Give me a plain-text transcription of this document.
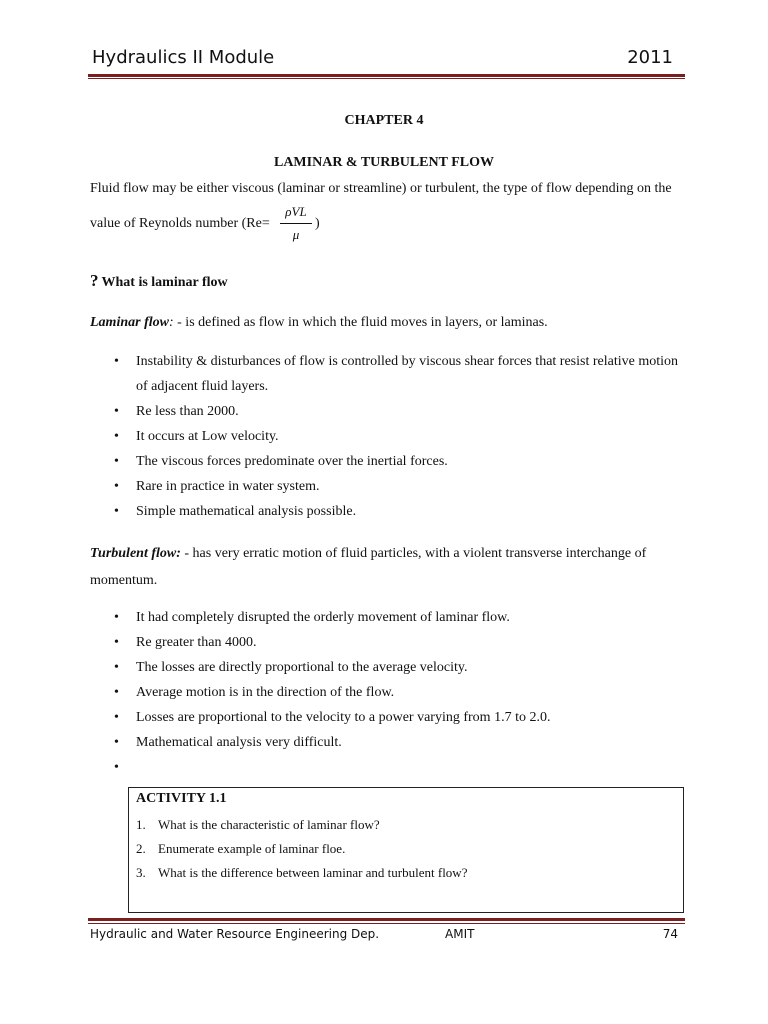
Hydraulics II Module	2011
CHAPTER 4
LAMINAR & TURBULENT FLOW
Fluid flow may be either viscous (laminar or streamline) or turbulent, the type of flow depending on the
value of Reynolds number (Re=
ρVL
μ
)
? What is laminar flow
Laminar flow: - is defined as flow in which the fluid moves in layers, or laminas.
• Instability & disturbances of flow is controlled by viscous shear forces that resist relative motion of adjacent fluid layers.
• Re less than 2000.
• It occurs at Low velocity.
• The viscous forces predominate over the inertial forces.
• Rare in practice in water system.
• Simple mathematical analysis possible.
Turbulent flow: - has very erratic motion of fluid particles, with a violent transverse interchange of
momentum.
• It had completely disrupted the orderly movement of laminar flow.
• Re greater than 4000.
• The losses are directly proportional to the average velocity.
• Average motion is in the direction of the flow.
• Losses are proportional to the velocity to a power varying from 1.7 to 2.0.
• Mathematical analysis very difficult.
ACTIVITY 1.1
1. What is the characteristic of laminar flow?
2. Enumerate example of laminar floe.
3. What is the difference between laminar and turbulent flow?
Hydraulic and Water Resource Engineering Dep.	AMIT	74
